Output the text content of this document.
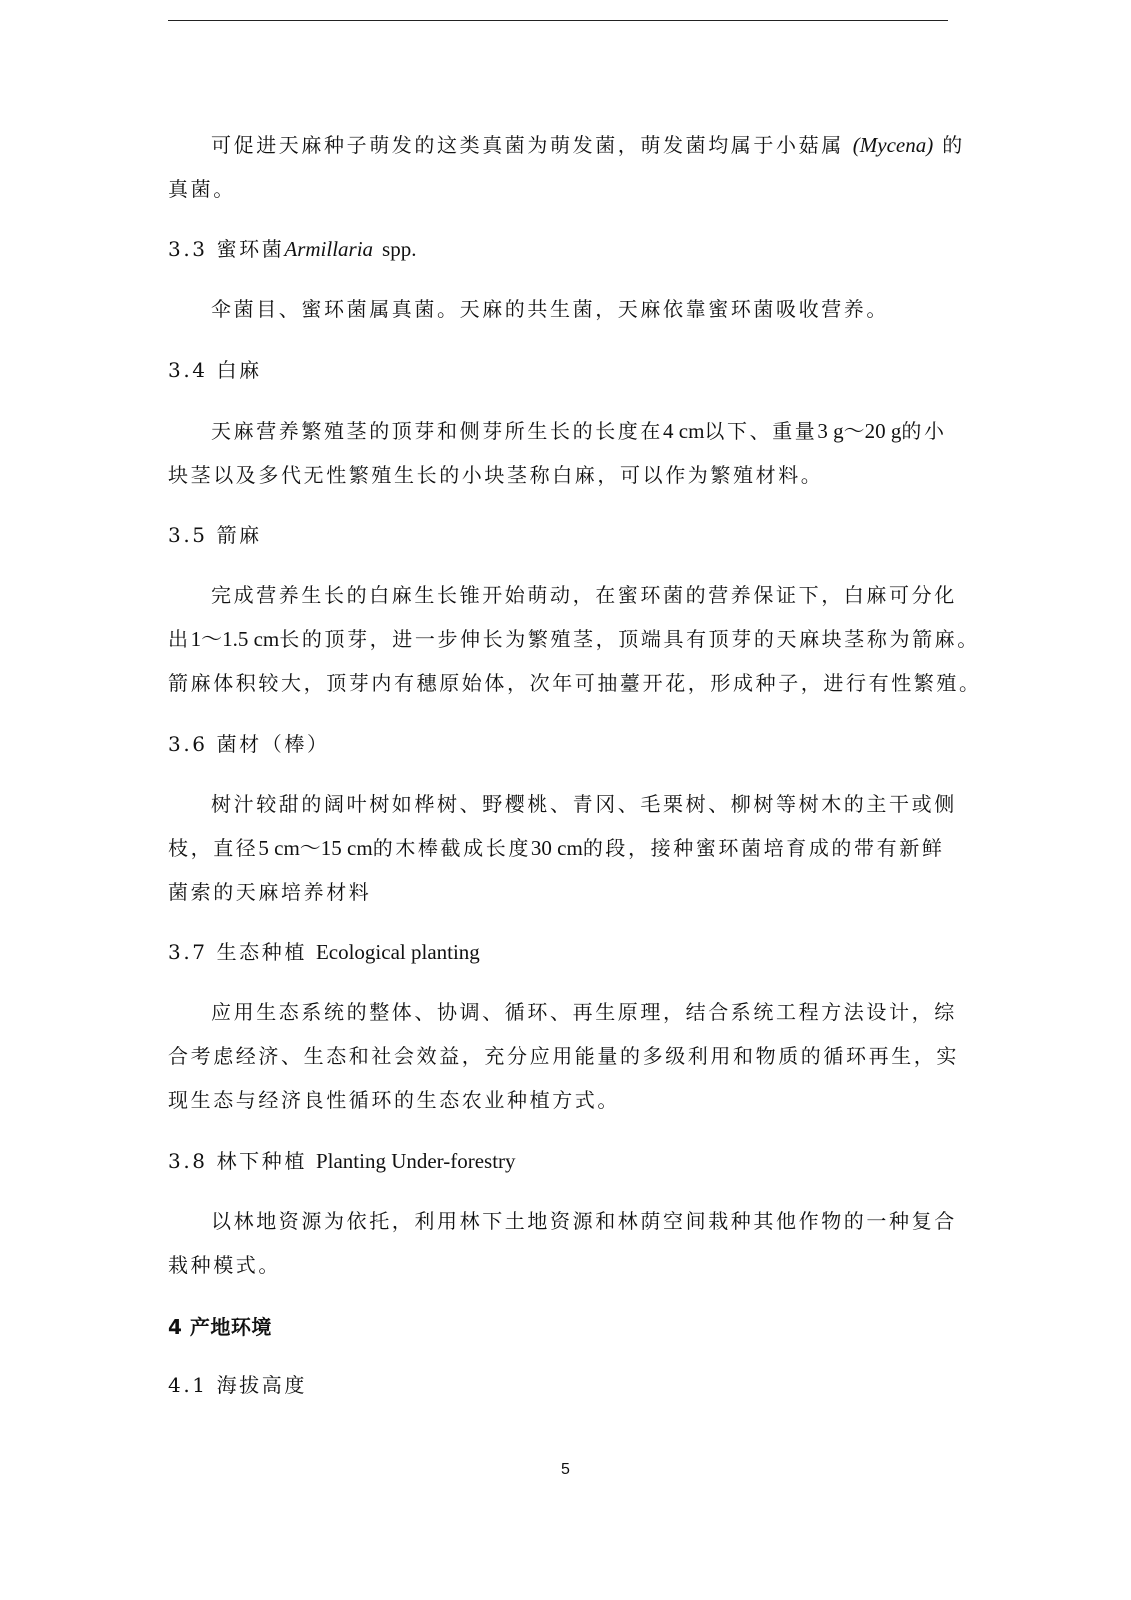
可促进天麻种子萌发的这类真菌为萌发菌，萌发菌均属于小菇属 (Mycena) 的
真菌。
3.3 蜜环菌Armillaria spp.
伞菌目、蜜环菌属真菌。天麻的共生菌，天麻依靠蜜环菌吸收营养。
3.4 白麻
天麻营养繁殖茎的顶芽和侧芽所生长的长度在4 cm以下、重量3 g～20 g的小
块茎以及多代无性繁殖生长的小块茎称白麻，可以作为繁殖材料。
3.5 箭麻
完成营养生长的白麻生长锥开始萌动，在蜜环菌的营养保证下，白麻可分化
出1～1.5 cm长的顶芽，进一步伸长为繁殖茎，顶端具有顶芽的天麻块茎称为箭麻。
箭麻体积较大，顶芽内有穗原始体，次年可抽薹开花，形成种子，进行有性繁殖。
3.6 菌材（棒）
树汁较甜的阔叶树如桦树、野樱桃、青冈、毛栗树、柳树等树木的主干或侧
枝，直径5 cm～15 cm的木棒截成长度30 cm的段，接种蜜环菌培育成的带有新鲜
菌索的天麻培养材料
3.7 生态种植 Ecological planting
应用生态系统的整体、协调、循环、再生原理，结合系统工程方法设计，综
合考虑经济、生态和社会效益，充分应用能量的多级利用和物质的循环再生，实
现生态与经济良性循环的生态农业种植方式。
3.8 林下种植 Planting Under-forestry
以林地资源为依托，利用林下土地资源和林荫空间栽种其他作物的一种复合
栽种模式。
4 产地环境
4.1 海拔高度
5
